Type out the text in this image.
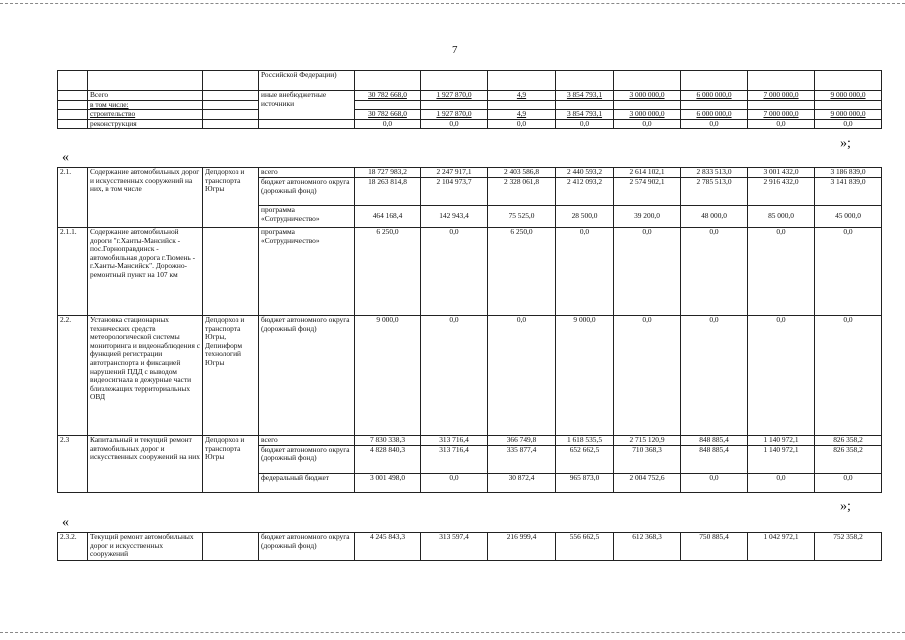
7
			Российской Федерации)								
	Всего		иные внебюджетные источники	30 782 668,0	1 927 870,0	4,9	3 854 793,1	3 000 000,0	6 000 000,0	7 000 000,0	9 000 000,0
	в том числе:										
	строительство			30 782 668,0	1 927 870,0	4,9	3 854 793,1	3 000 000,0	6 000 000,0	7 000 000,0	9 000 000,0
	реконструкция			0,0	0,0	0,0	0,0	0,0	0,0	0,0	0,0
»;
«
2.1.	Содержание автомобильных дорог и искусственных сооружений на них, в том числе	Депдорхоз и транспорта Югры	всего	18 727 983,2	2 247 917,1	2 403 586,8	2 440 593,2	2 614 102,1	2 833 513,0	3 001 432,0	3 186 839,0
			бюджет автономного округа (дорожный фонд)	18 263 814,8	2 104 973,7	2 328 061,8	2 412 093,2	2 574 902,1	2 785 513,0	2 916 432,0	3 141 839,0
			программа «Сотрудничество»	464 168,4	142 943,4	75 525,0	28 500,0	39 200,0	48 000,0	85 000,0	45 000,0
2.1.1.	Содержание автомобильной дороги "г.Ханты-Мансийск - пос.Горноправдинск - автомобильная дорога г.Тюмень - г.Ханты-Мансийск". Дорожно-ремонтный пункт на 107 км		программа «Сотрудничество»	6 250,0	0,0	6 250,0	0,0	0,0	0,0	0,0	0,0
2.2.	Установка стационарных технических средств метеорологической системы мониторинга и видеонаблюдения с функцией регистрации автотранспорта и фиксацией нарушений ПДД с выводом видеосигнала в дежурные части близлежащих территориальных ОВД	Депдорхоз и транспорта Югры, Депинформ технологий Югры	бюджет автономного округа (дорожный фонд)	9 000,0	0,0	0,0	9 000,0	0,0	0,0	0,0	0,0
2.3	Капитальный и текущий ремонт автомобильных дорог и искусственных сооружений на них	Депдорхоз и транспорта Югры	всего	7 830 338,3	313 716,4	366 749,8	1 618 535,5	2 715 120,9	848 885,4	1 140 972,1	826 358,2
			бюджет автономного округа (дорожный фонд)	4 828 840,3	313 716,4	335 877,4	652 662,5	710 368,3	848 885,4	1 140 972,1	826 358,2
			федеральный бюджет	3 001 498,0	0,0	30 872,4	965 873,0	2 004 752,6	0,0	0,0	0,0
»;
«
2.3.2.	Текущий ремонт автомобильных дорог и искусственных сооружений		бюджет автономного округа (дорожный фонд)	4 245 843,3	313 597,4	216 999,4	556 662,5	612 368,3	750 885,4	1 042 972,1	752 358,2
